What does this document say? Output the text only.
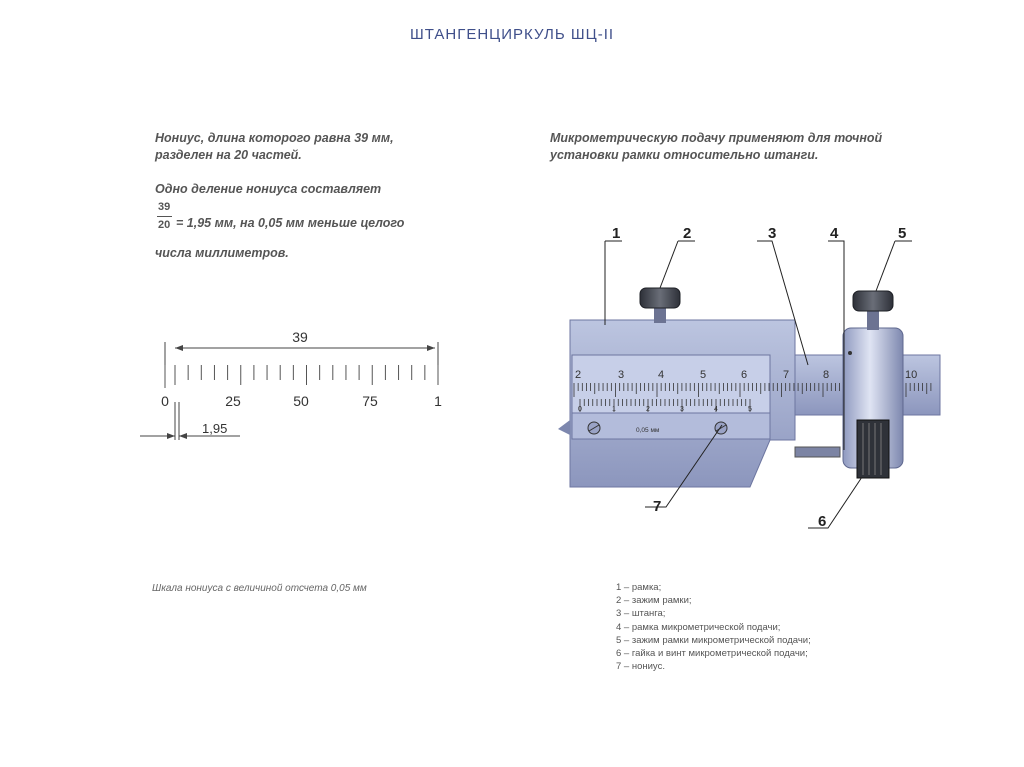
ШТАНГЕНЦИРКУЛЬ ШЦ-II
Нониус, длина которого равна 39 мм,
разделен на 20 частей.
Одно деление нониуса составляет
39
20 = 1,95 мм, на 0,05 мм меньше целого
числа миллиметров.
Микрометрическую подачу применяют для точной
установки рамки относительно штанги.
39
0	25	50	75	1
1,95
2	3	4	5	6	7	8	10
0	1	2	3	4	5
0,05 мм
1	2	3	4	5
6
7
Шкала нониуса с величиной отсчета 0,05 мм	1 – рамка;
2 – зажим рамки;
3 – штанга;
4 – рамка микрометрической подачи;
5 – зажим рамки микрометрической подачи;
6 – гайка и винт микрометрической подачи;
7 – нониус.
